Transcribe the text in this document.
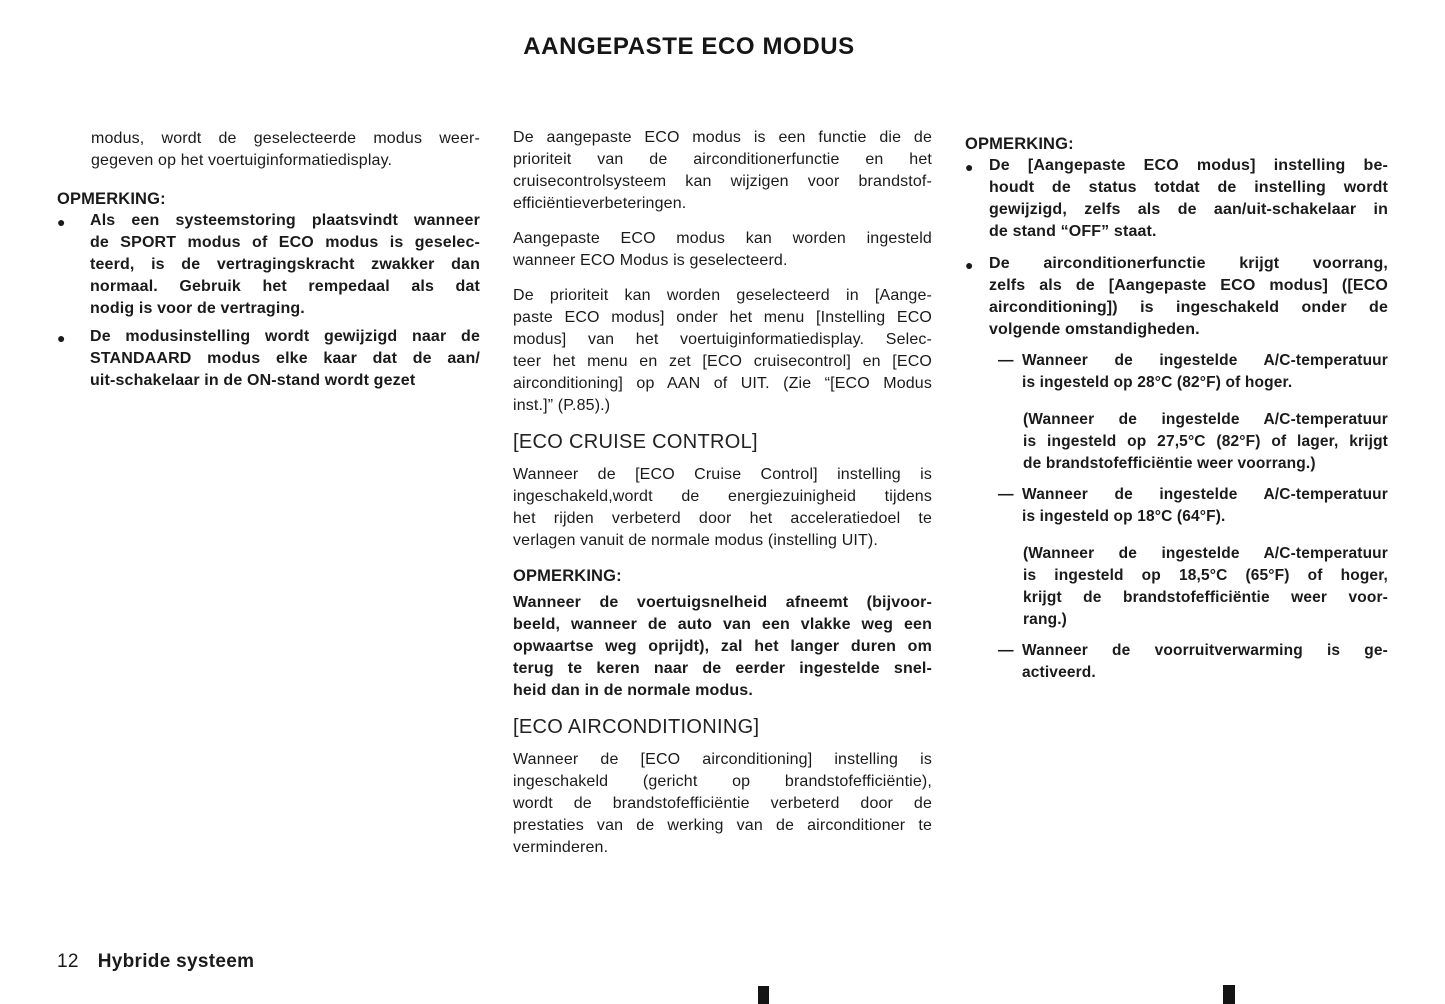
AANGEPASTE ECO MODUS
modus, wordt de geselecteerde modus weer-
gegeven op het voertuiginformatiedisplay.
OPMERKING:
●	Als een systeemstoring plaatsvindt wanneer
de SPORT modus of ECO modus is geselec-
teerd, is de vertragingskracht zwakker dan
normaal. Gebruik het rempedaal als dat
nodig is voor de vertraging.
●	De modusinstelling wordt gewijzigd naar de
STANDAARD modus elke kaar dat de aan/
uit-schakelaar in de ON-stand wordt gezet

De aangepaste ECO modus is een functie die de
prioriteit van de airconditionerfunctie en het
cruisecontrolsysteem kan wijzigen voor brandstof-
efficiëntieverbeteringen.

Aangepaste ECO modus kan worden ingesteld
wanneer ECO Modus is geselecteerd.

De prioriteit kan worden geselecteerd in [Aange-
paste ECO modus] onder het menu [Instelling ECO
modus] van het voertuiginformatiedisplay. Selec-
teer het menu en zet [ECO cruisecontrol] en [ECO
airconditioning] op AAN of UIT. (Zie “[ECO Modus
inst.]” (P.85).)

[ECO CRUISE CONTROL]

Wanneer de [ECO Cruise Control] instelling is
ingeschakeld,wordt de energiezuinigheid tijdens
het rijden verbeterd door het acceleratiedoel te
verlagen vanuit de normale modus (instelling UIT).

OPMERKING:

Wanneer de voertuigsnelheid afneemt (bijvoor-
beeld, wanneer de auto van een vlakke weg een
opwaartse weg oprijdt), zal het langer duren om
terug te keren naar de eerder ingestelde snel-
heid dan in de normale modus.

[ECO AIRCONDITIONING]

Wanneer de [ECO airconditioning] instelling is
ingeschakeld (gericht op brandstofefficiëntie),
wordt de brandstofefficiëntie verbeterd door de
prestaties van de werking van de airconditioner te
verminderen.

OPMERKING:
● De [Aangepaste ECO modus] instelling be-
houdt de status totdat de instelling wordt
gewijzigd, zelfs als de aan/uit-schakelaar in
de stand “OFF” staat.
● De airconditionerfunctie krijgt voorrang,
zelfs als de [Aangepaste ECO modus] ([ECO
airconditioning]) is ingeschakeld onder de
volgende omstandigheden.
— Wanneer de ingestelde A/C-temperatuur
is ingesteld op 28°C (82°F) of hoger.
(Wanneer de ingestelde A/C-temperatuur
is ingesteld op 27,5°C (82°F) of lager, krijgt
de brandstofefficiëntie weer voorrang.)
— Wanneer de ingestelde A/C-temperatuur
is ingesteld op 18°C (64°F).
(Wanneer de ingestelde A/C-temperatuur
is ingesteld op 18,5°C (65°F) of hoger,
krijgt de brandstofefficiëntie weer voor-
rang.)
— Wanneer de voorruitverwarming is ge-
activeerd.
12 Hybride systeem
